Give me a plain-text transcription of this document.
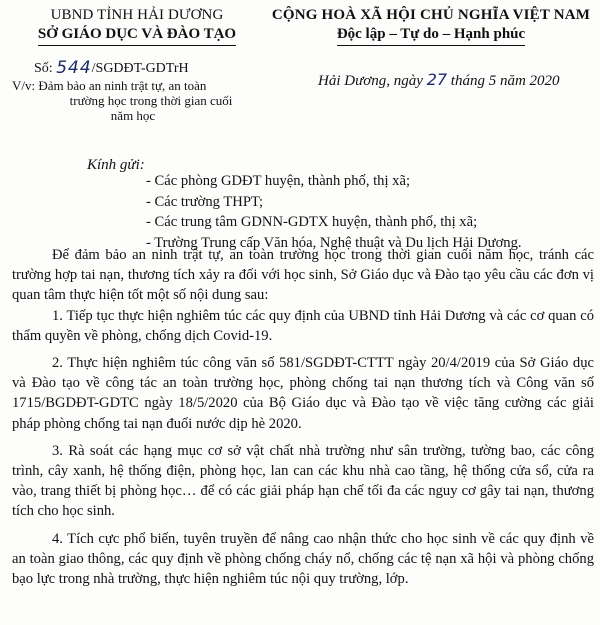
UBND TỈNH HẢI DƯƠNG
SỞ GIÁO DỤC VÀ ĐÀO TẠO
CỘNG HOÀ XÃ HỘI CHỦ NGHĨA VIỆT NAM
Độc lập – Tự do – Hạnh phúc
Số: 544/SGDĐT-GDTrH
V/v: Đảm bảo an ninh trật tự, an toàn
trường học trong thời gian cuối
năm học
Hải Dương, ngày 27 tháng 5 năm 2020
Kính gửi:
- Các phòng GDĐT huyện, thành phố, thị xã;
- Các trường THPT;
- Các trung tâm GDNN-GDTX huyện, thành phố, thị xã;
- Trường Trung cấp Văn hóa, Nghệ thuật và Du lịch Hải Dương.

Để đảm bảo an ninh trật tự, an toàn trường học trong thời gian cuối năm học, tránh các trường hợp tai nạn, thương tích xảy ra đối với học sinh, Sở Giáo dục và Đào tạo yêu cầu các đơn vị quan tâm thực hiện tốt một số nội dung sau:

1. Tiếp tục thực hiện nghiêm túc các quy định của UBND tỉnh Hải Dương và các cơ quan có thẩm quyền về phòng, chống dịch Covid-19.

2. Thực hiện nghiêm túc công văn số 581/SGDĐT-CTTT ngày 20/4/2019 của Sở Giáo dục và Đào tạo về công tác an toàn trường học, phòng chống tai nạn thương tích và Công văn số 1715/BGDĐT-GDTC ngày 18/5/2020 của Bộ Giáo dục và Đào tạo về việc tăng cường các giải pháp phòng chống tai nạn đuối nước dịp hè 2020.

3. Rà soát các hạng mục cơ sở vật chất nhà trường như sân trường, tường bao, các công trình, cây xanh, hệ thống điện, phòng học, lan can các khu nhà cao tầng, hệ thống cửa sổ, cửa ra vào, trang thiết bị phòng học… để có các giải pháp hạn chế tối đa các nguy cơ gây tai nạn, thương tích cho học sinh.

4. Tích cực phổ biến, tuyên truyền để nâng cao nhận thức cho học sinh về các quy định về an toàn giao thông, các quy định về phòng chống cháy nổ, chống các tệ nạn xã hội và phòng chống bạo lực trong nhà trường, thực hiện nghiêm túc nội quy trường, lớp.
